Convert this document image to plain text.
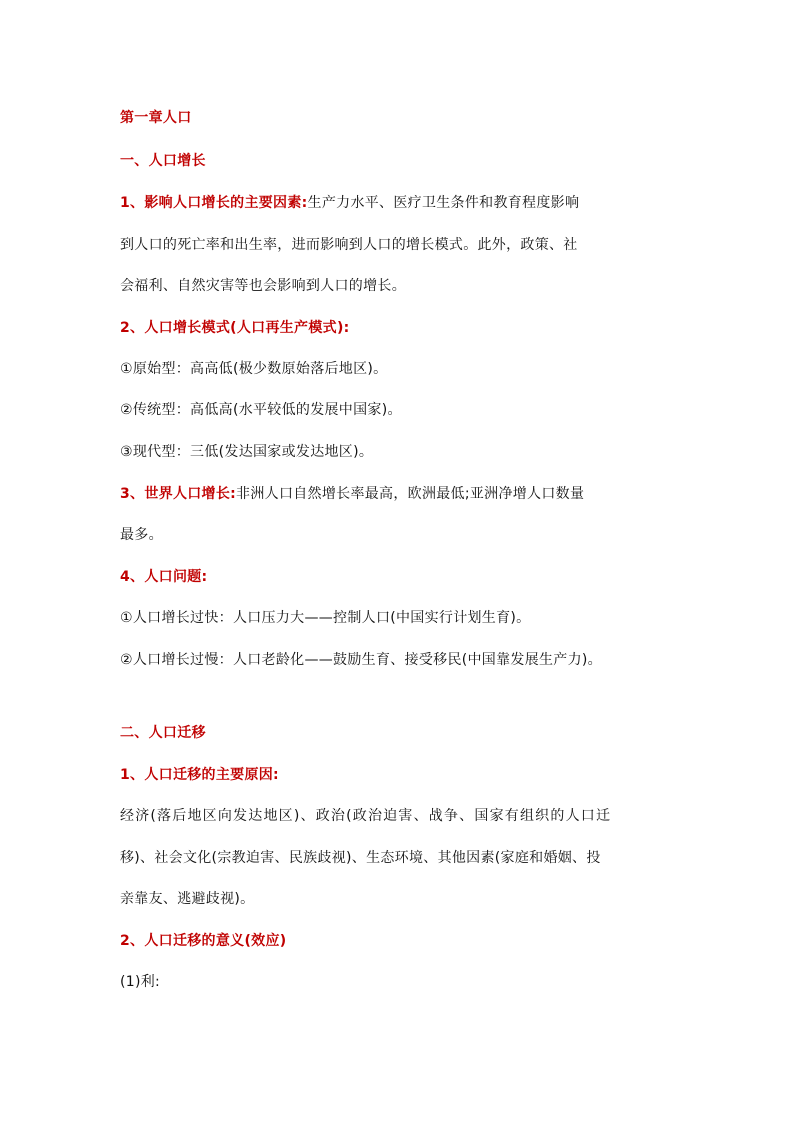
第一章人口

一、人口增长

1、影响人口增长的主要因素:生产力水平、医疗卫生条件和教育程度影响

到人口的死亡率和出生率，进而影响到人口的增长模式。此外，政策、社

会福利、自然灾害等也会影响到人口的增长。

2、人口增长模式(人口再生产模式):

①原始型：高高低(极少数原始落后地区)。

②传统型：高低高(水平较低的发展中国家)。

③现代型：三低(发达国家或发达地区)。

3、世界人口增长:非洲人口自然增长率最高，欧洲最低;亚洲净增人口数量

最多。

4、人口问题:

①人口增长过快：人口压力大——控制人口(中国实行计划生育)。

②人口增长过慢：人口老龄化——鼓励生育、接受移民(中国靠发展生产力)。

二、人口迁移

1、人口迁移的主要原因:

经济(落后地区向发达地区)、政治(政治迫害、战争、国家有组织的人口迁

移)、社会文化(宗教迫害、民族歧视)、生态环境、其他因素(家庭和婚姻、投

亲靠友、逃避歧视)。

2、人口迁移的意义(效应)

(1)利:
